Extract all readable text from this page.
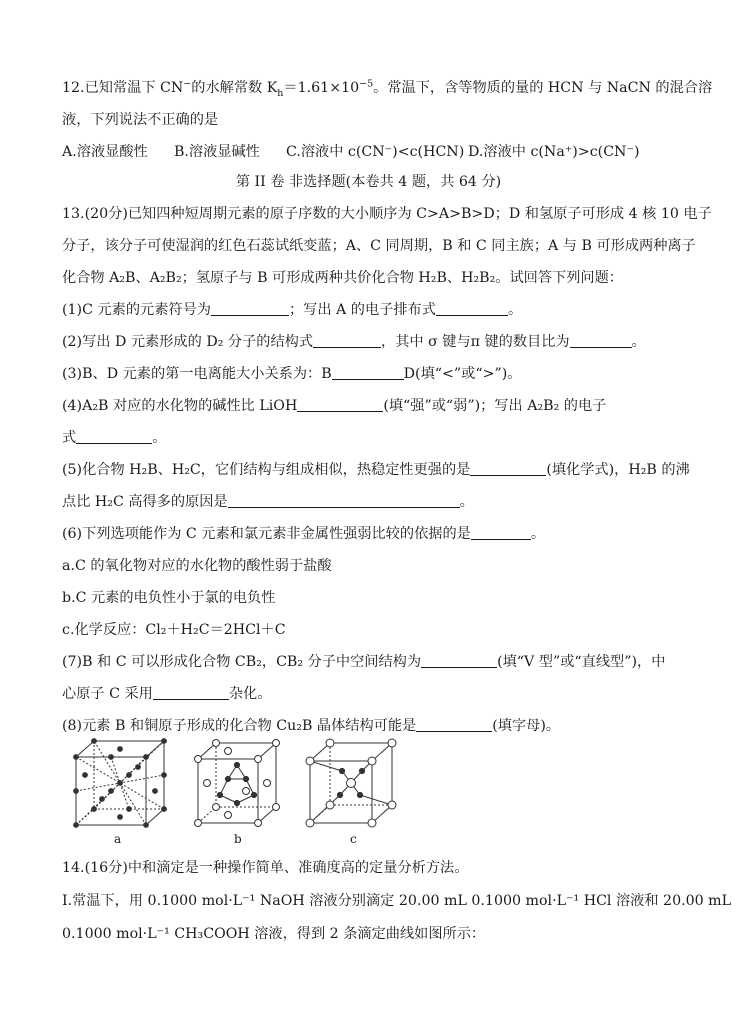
12.已知常温下 CN−的水解常数 $K_h=1.61\times 10^{-5}$。常温下，含等物质的量的 HCN 与 NaCN 的混合溶
液，下列说法不正确的是
A.溶液显酸性 B.溶液显碱性 C.溶液中 c(CN⁻)<c(HCN) D.溶液中 c(Na⁺)>c(CN⁻)
第 II 卷 非选择题(本卷共 4 题，共 64 分)
13.(20分)已知四种短周期元素的原子序数的大小顺序为 C>A>B>D；D 和氢原子可形成 4 核 10 电子
分子，该分子可使湿润的红色石蕊试纸变蓝；A、C 同周期，B 和 C 同主族；A 与 B 可形成两种离子
化合物 A₂B、A₂B₂；氢原子与 B 可形成两种共价化合物 H₂B、H₂B₂。试回答下列问题：
(1)C 元素的元素符号为	；写出 A 的电子排布式	。
(2)写出 D 元素形成的 D₂ 分子的结构式	，其中 σ 键与π 键的数目比为	。
(3)B、D 元素的第一电离能大小关系为：B	D(填“<”或“>”)。
(4)A₂B 对应的水化物的碱性比 LiOH	(填“强”或“弱”)；写出 A₂B₂ 的电子
式	。
(5)化合物 H₂B、H₂C，它们结构与组成相似，热稳定性更强的是	(填化学式)，H₂B 的沸
点比 H₂C 高得多的原因是	。
(6)下列选项能作为 C 元素和氯元素非金属性强弱比较的依据的是	。
a.C 的氧化物对应的水化物的酸性弱于盐酸
b.C 元素的电负性小于氯的电负性
c.化学反应：Cl₂＋H₂C＝2HCl＋C
(7)B 和 C 可以形成化合物 CB₂，CB₂ 分子中空间结构为	(填“V 型”或“直线型”)，中
心原子 C 采用	杂化。
(8)元素 B 和铜原子形成的化合物 Cu₂B 晶体结构可能是	(填字母)。
a	b	c
14.(16分)中和滴定是一种操作简单、准确度高的定量分析方法。
I.常温下，用 0.1000 mol·L⁻¹ NaOH 溶液分别滴定 20.00 mL 0.1000 mol·L⁻¹ HCl 溶液和 20.00 mL
0.1000 mol·L⁻¹ CH₃COOH 溶液，得到 2 条滴定曲线如图所示：
